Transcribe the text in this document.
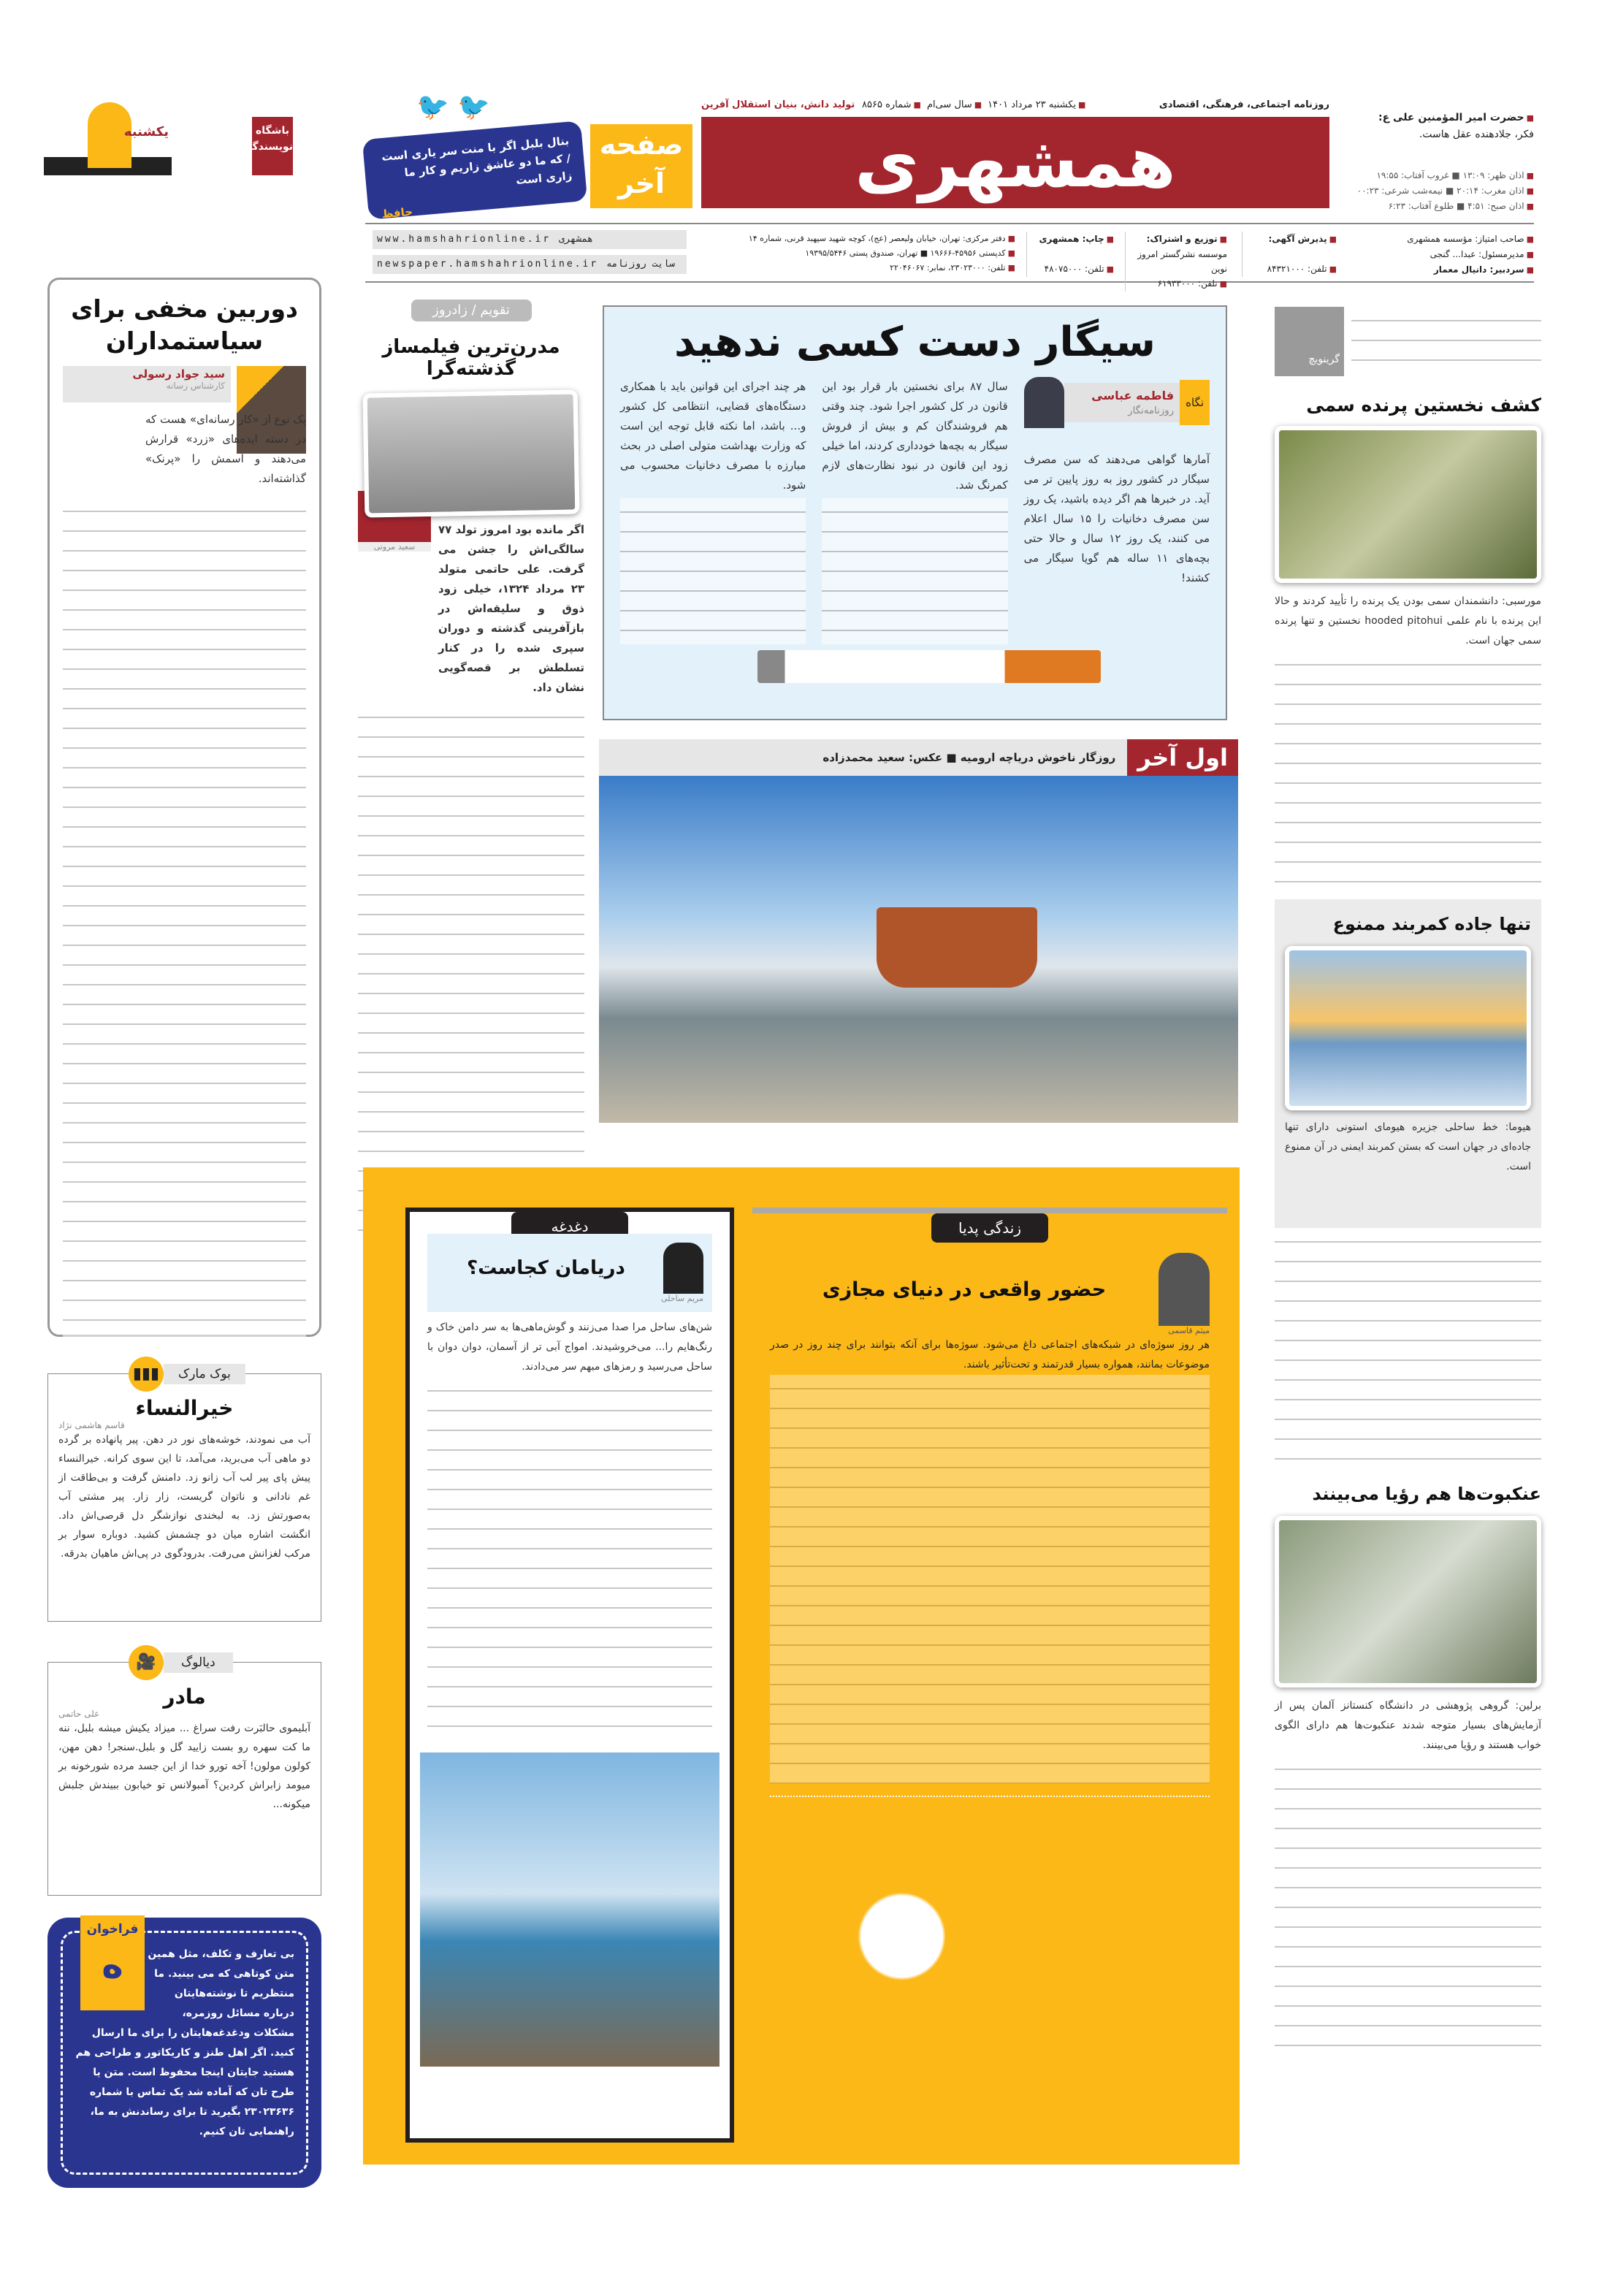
همشهری
روزنامه اجتماعی، فرهنگی، اقتصادی
■ یکشنبه ۲۳ مرداد ۱۴۰۱
■ سال سی‌ام
■ شماره ۸۵۶۵
تولید دانش، بنیان استقلال آفرین
■ حضرت امیر المؤمنین علی ع:
فکر، جلادهنده عقل هاست.
■ اذان ظهر: ۱۳:۰۹ ■ غروب آفتاب: ۱۹:۵۵
■ اذان مغرب: ۲۰:۱۴ ■ نیمه‌شب شرعی: ۰۰:۲۳
■ اذان صبح: ۴:۵۱ ■ طلوع آفتاب: ۶:۲۳
صفحه
آخر
بنال بلبل اگر با منت سر یاری است / که ما دو عاشق زاریم و کار ما زاری است
حافظ
🐦 🐦
باشگاه نویسندگان
یکشنبه
■ صاحب امتیاز: مؤسسه همشهری
■ مدیرمسئول: عبدا... گنجی
■ سردبیر: دانیال معمار
■ پذیرش آگهی:

■ تلفن: ۸۴۳۲۱۰۰۰
■ توزیع و اشتراک:
موسسه نشرگستر امروز نوین
■ تلفن: ۶۱۹۳۳۰۰۰
■ چاپ: همشهری

■ تلفن: ۴۸۰۷۵۰۰۰
■ دفتر مرکزی: تهران، خیابان ولیعصر (عج)، کوچه شهید سپهبد قرنی، شماره ۱۴
■ کدپستی ۴۵۹۵۶-۱۹۶۶۶ ■ تهران، صندوق پستی ۱۹۳۹۵/۵۴۴۶
■ تلفن: ۲۳۰۲۳۰۰۰، نمابر: ۲۲۰۴۶۰۶۷
www.hamshahrionline.ir همشهری
newspaper.hamshahrionline.ir سایت روزنامه
دوربین مخفی برای سیاستمداران
سید جواد رسولی
کارشناس رسانه
یک نوع از «کار رسانه‌ای» هست که در دسته ایده‌های «زرد» قرارش می‌دهند و اسمش را «پرنک» گذاشته‌اند.
بوک مارک
▮▮▮
خیرالنساء
قاسم هاشمی نژاد
آب می نمودند، خوشه‌های نور در دهن. پیر پانهاده بر گرده دو ماهی آب می‌برید، می‌آمد، تا این سوی کرانه. خیرالنساء پیش پای پیر لب آب زانو زد. دامنش گرفت و بی‌طاقت از غم نادانی و ناتوان گریست، زار زار. پیر مشتی آب به‌صورتش زد. به لبخندی نوازشگر دل قرصی‌اش داد. انگشت اشاره میان دو چشمش کشید. دوباره سوار بر مرکب لغزانش می‌رفت. بدرودگوی در پی‌اش ماهیان بدرقه.
دیالوگ
🎥
مادر
علی حاتمی
آبلیموی حالبَرت رفت سراغ ... میزاد یکیش میشه بلبل، ننه ما کت سهره رو بست زایید گل و بلبل.سنجر! دهن مهن، کولون مولون! آخه تورو خدا از این جسد مرده شورخونه بر میومد زابراش کردین؟ آمبولانس تو خیابون ببیندش جلبش میکونه...
فراخوان
ه	بی تعارف و تکلف، مثل همین متن کوتاهی که می بینید. ما منتظریم تا نوشته‌هایتان درباره مسائل روزمره، مشکلات ودغدغه‌هایتان را برای ما ارسال کنید. اگر اهل طنز و کاریکاتور و طراحی هم هستید جایتان اینجا محفوظ است. متن یا طرح تان که آماده شد یک تماس با شماره ۲۳۰۲۳۶۳۶ بگیرید تا برای رساندنش به ما، راهنمایی تان کنیم.
تقویم / زادروز
مدرن‌ترین فیلمساز گذشته‌گرا
اگر مانده بود امروز تولد ۷۷ سالگی‌اش را جشن می گرفت. علی حاتمی متولد ۲۳ مرداد ۱۳۲۴، خیلی زود ذوق و سلیقه‌اش در بازآفرینی گذشته و دوران سپری شده را در کنار تسلطش بر قصه‌گویی نشان داد.
سعید مروتی
سیگار دست کسی ندهید
نگاه
فاطمه عباسی
روزنامه‌نگار
آمارها گواهی می‌دهند که سن مصرف سیگار در کشور روز به روز پایین تر می آید. در خبرها هم اگر دیده باشید، یک روز سن مصرف دخانیات را ۱۵ سال اعلام می کنند، یک روز ۱۲ سال و حالا حتی بچه‌های ۱۱ ساله هم گویا سیگار می کشند!
سال ۸۷ برای نخستین بار قرار بود این قانون در کل کشور اجرا شود. چند وقتی هم فروشندگان کم و بیش از فروش سیگار به بچه‌ها خودداری کردند، اما خیلی زود این قانون در نبود نظارت‌های لازم کمرنگ شد.
هر چند اجرای این قوانین باید با همکاری دستگاه‌های قضایی، انتظامی کل کشور و... باشد، اما نکته قابل توجه این است که وزارت بهداشت متولی اصلی در بحث مبارزه با مصرف دخانیات محسوب می شود.
اول آخر
روزگار ناخوش دریاچه ارومیه ■ عکس: سعید محمدزاده
گرینویچ
کشف نخستین پرنده سمی
مورسبی: دانشمندان سمی بودن یک پرنده را تأیید کردند و حالا این پرنده با نام علمی hooded pitohui نخستین و تنها پرنده سمی جهان است.
تنها جاده کمربند ممنوع
هیوما: خط ساحلی جزیره هیومای استونی دارای تنها جاده‌ای در جهان است که بستن کمربند ایمنی در آن ممنوع است.
عنکبوت‌ها هم رؤیا می‌بینند
برلین: گروهی پژوهشی در دانشگاه کنستانز آلمان پس از آزمایش‌های بسیار متوجه شدند عنکبوت‌ها هم دارای الگوی خواب هستند و رؤیا می‌بینند.
دغدغه
دریامان کجاست؟
مریم ساحلی
شن‌های ساحل مرا صدا می‌زنند و گوش‌ماهی‌ها به سر دامن خاک و رنگ‌هایم را... می‌خروشیدند. امواج آبی تر از آسمان، دوان دوان با ساحل می‌رسید و رمزهای مبهم سر می‌دادند.
زندگی پدیا
حضور واقعی در دنیای مجازی
میثم قاسمی
هر روز سوژه‌ای در شبکه‌های اجتماعی داغ می‌شود. سوژه‌ها برای آنکه بتوانند برای چند روز در صدر موضوعات بمانند، همواره بسیار قدرتمند و تحت‌تأثیر باشند.
